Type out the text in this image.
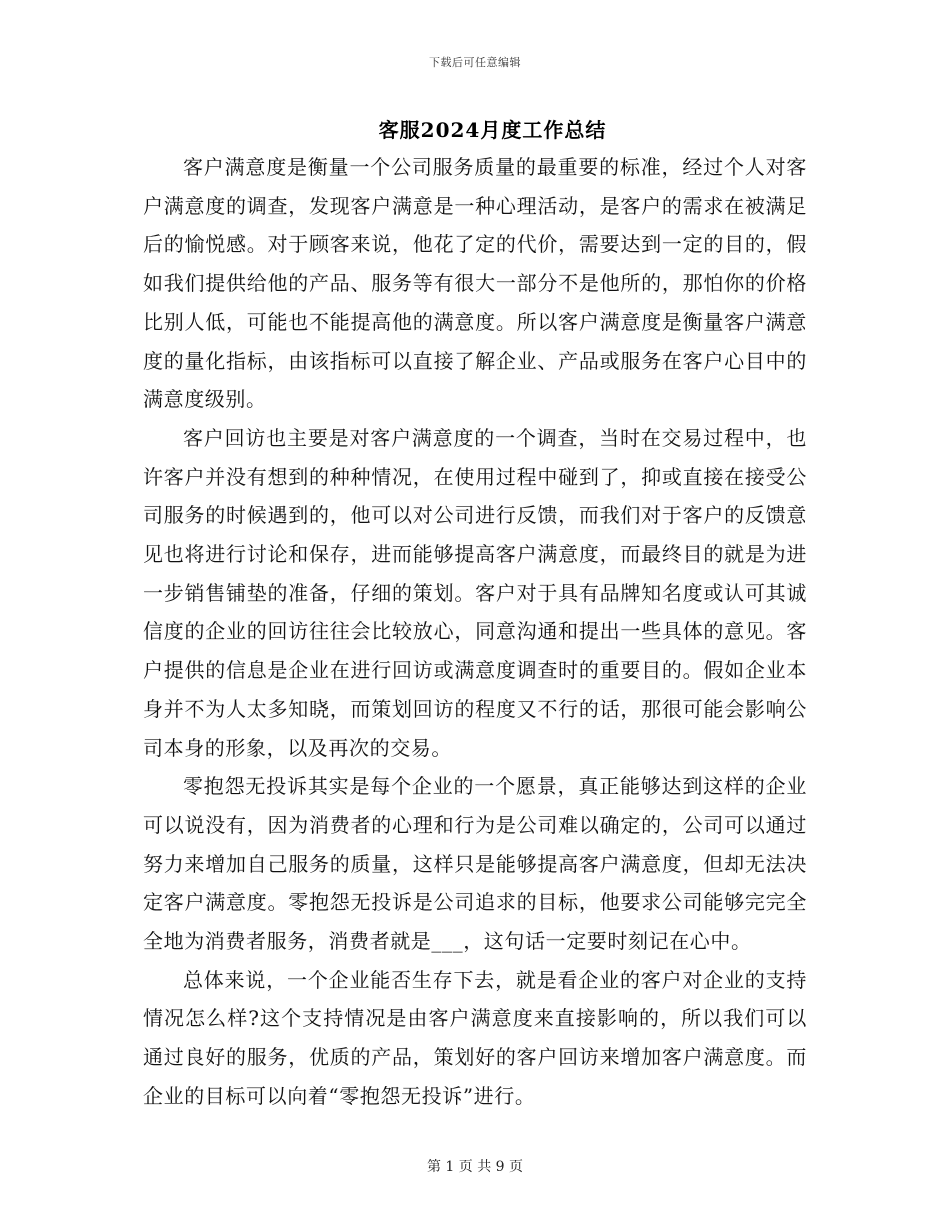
下载后可任意编辑
客服2024月度工作总结

客户满意度是衡量一个公司服务质量的最重要的标准，经过个人对客户满意度的调查，发现客户满意是一种心理活动，是客户的需求在被满足后的愉悦感。对于顾客来说，他花了定的代价，需要达到一定的目的，假如我们提供给他的产品、服务等有很大一部分不是他所的，那怕你的价格比别人低，可能也不能提高他的满意度。所以客户满意度是衡量客户满意度的量化指标，由该指标可以直接了解企业、产品或服务在客户心目中的满意度级别。

客户回访也主要是对客户满意度的一个调查，当时在交易过程中，也许客户并没有想到的种种情况，在使用过程中碰到了，抑或直接在接受公司服务的时候遇到的，他可以对公司进行反馈，而我们对于客户的反馈意见也将进行讨论和保存，进而能够提高客户满意度，而最终目的就是为进一步销售铺垫的准备，仔细的策划。客户对于具有品牌知名度或认可其诚信度的企业的回访往往会比较放心，同意沟通和提出一些具体的意见。客户提供的信息是企业在进行回访或满意度调查时的重要目的。假如企业本身并不为人太多知晓，而策划回访的程度又不行的话，那很可能会影响公司本身的形象，以及再次的交易。

零抱怨无投诉其实是每个企业的一个愿景，真正能够达到这样的企业可以说没有，因为消费者的心理和行为是公司难以确定的，公司可以通过努力来增加自己服务的质量，这样只是能够提高客户满意度，但却无法决定客户满意度。零抱怨无投诉是公司追求的目标，他要求公司能够完完全全地为消费者服务，消费者就是___，这句话一定要时刻记在心中。

总体来说，一个企业能否生存下去，就是看企业的客户对企业的支持情况怎么样?这个支持情况是由客户满意度来直接影响的，所以我们可以通过良好的服务，优质的产品，策划好的客户回访来增加客户满意度。而企业的目标可以向着“零抱怨无投诉”进行。

第 1 页 共 9 页
